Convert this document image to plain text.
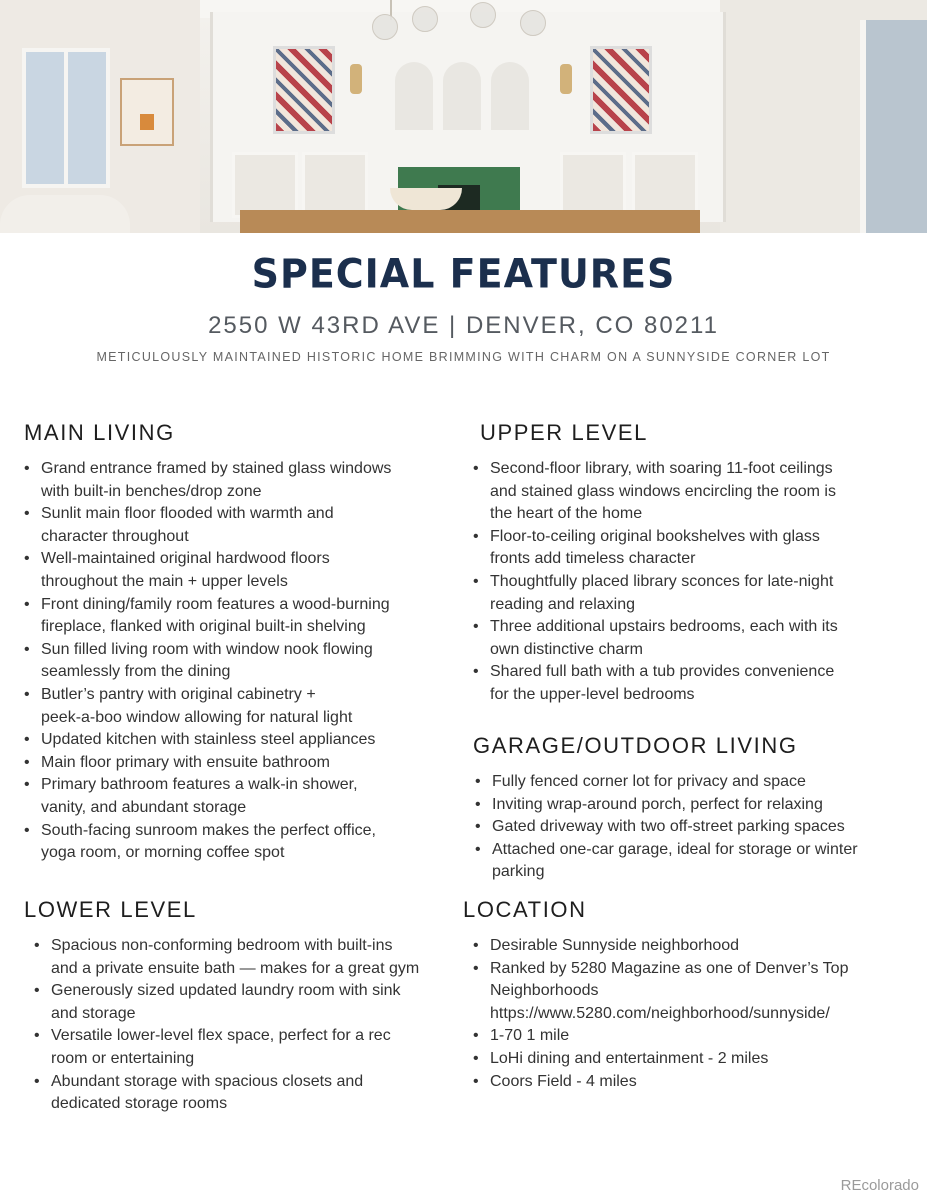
SPECIAL FEATURES
2550 W 43RD AVE | DENVER, CO 80211
METICULOUSLY MAINTAINED HISTORIC HOME BRIMMING WITH CHARM ON A SUNNYSIDE CORNER LOT
MAIN LIVING
• Grand entrance framed by stained glass windows
with built-in benches/drop zone
• Sunlit main floor flooded with warmth and
character throughout
• Well-maintained original hardwood floors
throughout the main + upper levels
• Front dining/family room features a wood-burning
fireplace, flanked with original built-in shelving
• Sun filled living room with window nook flowing
seamlessly from the dining
• Butler’s pantry with original cabinetry +
peek-a-boo window allowing for natural light
• Updated kitchen with stainless steel appliances
• Main floor primary with ensuite bathroom
• Primary bathroom features a walk-in shower,
vanity, and abundant storage
• South-facing sunroom makes the perfect office,
yoga room, or morning coffee spot
UPPER LEVEL
• Second-floor library, with soaring 11-foot ceilings
and stained glass windows encircling the room is
the heart of the home
• Floor-to-ceiling original bookshelves with glass
fronts add timeless character
• Thoughtfully placed library sconces for late-night
reading and relaxing
• Three additional upstairs bedrooms, each with its
own distinctive charm
• Shared full bath with a tub provides convenience
for the upper-level bedrooms
GARAGE/OUTDOOR LIVING
• Fully fenced corner lot for privacy and space
• Inviting wrap-around porch, perfect for relaxing
• Gated driveway with two off-street parking spaces
• Attached one-car garage, ideal for storage or winter
parking
LOWER LEVEL
• Spacious non-conforming bedroom with built-ins
and a private ensuite bath — makes for a great gym
• Generously sized updated laundry room with sink
and storage
• Versatile lower-level flex space, perfect for a rec
room or entertaining
• Abundant storage with spacious closets and
dedicated storage rooms
LOCATION
• Desirable Sunnyside neighborhood
• Ranked by 5280 Magazine as one of Denver’s Top
Neighborhoods
https://www.5280.com/neighborhood/sunnyside/
• 1-70 1 mile
• LoHi dining and entertainment - 2 miles
• Coors Field - 4 miles
REcolorado
